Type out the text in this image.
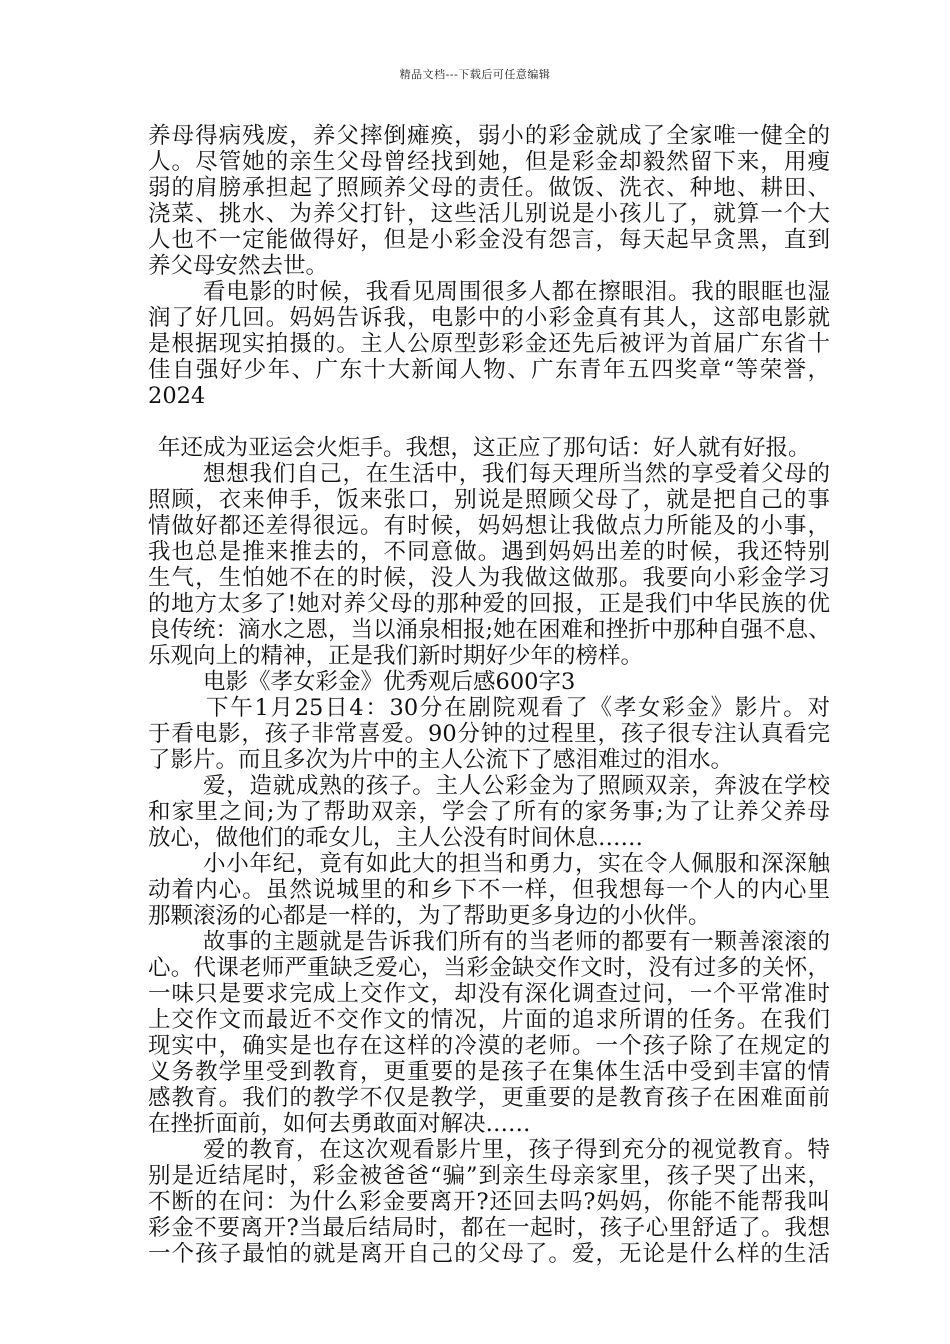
精品文档---下载后可任意编辑
养母得病残废，养父摔倒瘫痪，弱小的彩金就成了全家唯一健全的
人。尽管她的亲生父母曾经找到她，但是彩金却毅然留下来，用瘦
弱的肩膀承担起了照顾养父母的责任。做饭、洗衣、种地、耕田、
浇菜、挑水、为养父打针，这些活儿别说是小孩儿了，就算一个大
人也不一定能做得好，但是小彩金没有怨言，每天起早贪黑，直到
养父母安然去世。
看电影的时候，我看见周围很多人都在擦眼泪。我的眼眶也湿
润了好几回。妈妈告诉我，电影中的小彩金真有其人，这部电影就
是根据现实拍摄的。主人公原型彭彩金还先后被评为首届广东省十
佳自强好少年、广东十大新闻人物、广东青年五四奖章“等荣誉，
2024
年还成为亚运会火炬手。我想，这正应了那句话：好人就有好报。
想想我们自己，在生活中，我们每天理所当然的享受着父母的
照顾，衣来伸手，饭来张口，别说是照顾父母了，就是把自己的事
情做好都还差得很远。有时候，妈妈想让我做点力所能及的小事，
我也总是推来推去的，不同意做。遇到妈妈出差的时候，我还特别
生气，生怕她不在的时候，没人为我做这做那。我要向小彩金学习
的地方太多了!她对养父母的那种爱的回报，正是我们中华民族的优
良传统：滴水之恩，当以涌泉相报;她在困难和挫折中那种自强不息、
乐观向上的精神，正是我们新时期好少年的榜样。
电影《孝女彩金》优秀观后感600字3
下午1月25日4：30分在剧院观看了《孝女彩金》影片。对
于看电影，孩子非常喜爱。90分钟的过程里，孩子很专注认真看完
了影片。而且多次为片中的主人公流下了感泪难过的泪水。
爱，造就成熟的孩子。主人公彩金为了照顾双亲，奔波在学校
和家里之间;为了帮助双亲，学会了所有的家务事;为了让养父养母
放心，做他们的乖女儿，主人公没有时间休息……
小小年纪，竟有如此大的担当和勇力，实在令人佩服和深深触
动着内心。虽然说城里的和乡下不一样，但我想每一个人的内心里
那颗滚汤的心都是一样的，为了帮助更多身边的小伙伴。
故事的主题就是告诉我们所有的当老师的都要有一颗善滚滚的
心。代课老师严重缺乏爱心，当彩金缺交作文时，没有过多的关怀，
一味只是要求完成上交作文，却没有深化调查过问，一个平常准时
上交作文而最近不交作文的情况，片面的追求所谓的任务。在我们
现实中，确实是也存在这样的冷漠的老师。一个孩子除了在规定的
义务教学里受到教育，更重要的是孩子在集体生活中受到丰富的情
感教育。我们的教学不仅是教学，更重要的是教育孩子在困难面前
在挫折面前，如何去勇敢面对解决……
爱的教育，在这次观看影片里，孩子得到充分的视觉教育。特
别是近结尾时，彩金被爸爸“骗”到亲生母亲家里，孩子哭了出来，
不断的在问：为什么彩金要离开?还回去吗?妈妈，你能不能帮我叫
彩金不要离开?当最后结局时，都在一起时，孩子心里舒适了。我想
一个孩子最怕的就是离开自己的父母了。爱，无论是什么样的生活
